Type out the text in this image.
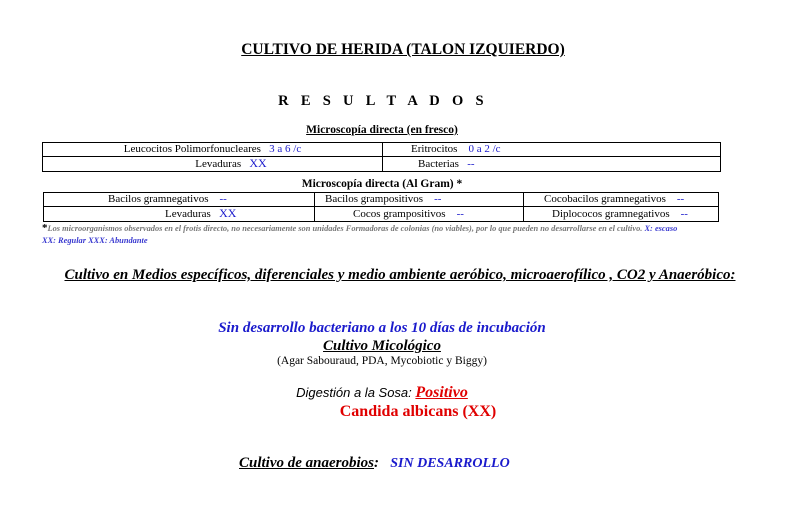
CULTIVO DE HERIDA (TALON IZQUIERDO)
R E S U L T A D O S
Microscopía directa (en fresco)
Leucocitos Polimorfonucleares 3 a 6 /c	Eritrocitos 0 a 2 /c
Levaduras XX	Bacterias --
Microscopía directa (Al Gram) *
Bacilos gramnegativos --	Bacilos grampositivos --	Cocobacilos gramnegativos --
Levaduras XX	Cocos grampositivos --	Diplococos gramnegativos --
*Los microorganismos observados en el frotis directo, no necesariamente son unidades Formadoras de colonias (no viables), por lo que pueden no desarrollarse en el cultivo. X: escaso XX: Regular XXX: Abundante
Cultivo en Medios específicos, diferenciales y medio ambiente aeróbico, microaerofílico , CO2 y Anaeróbico:
Sin desarrollo bacteriano a los 10 días de incubación
Cultivo Micológico
(Agar Sabouraud, PDA, Mycobiotic y Biggy)
Digestión a la Sosa: Positivo
Candida albicans (XX)
Cultivo de anaerobios: SIN DESARROLLO
